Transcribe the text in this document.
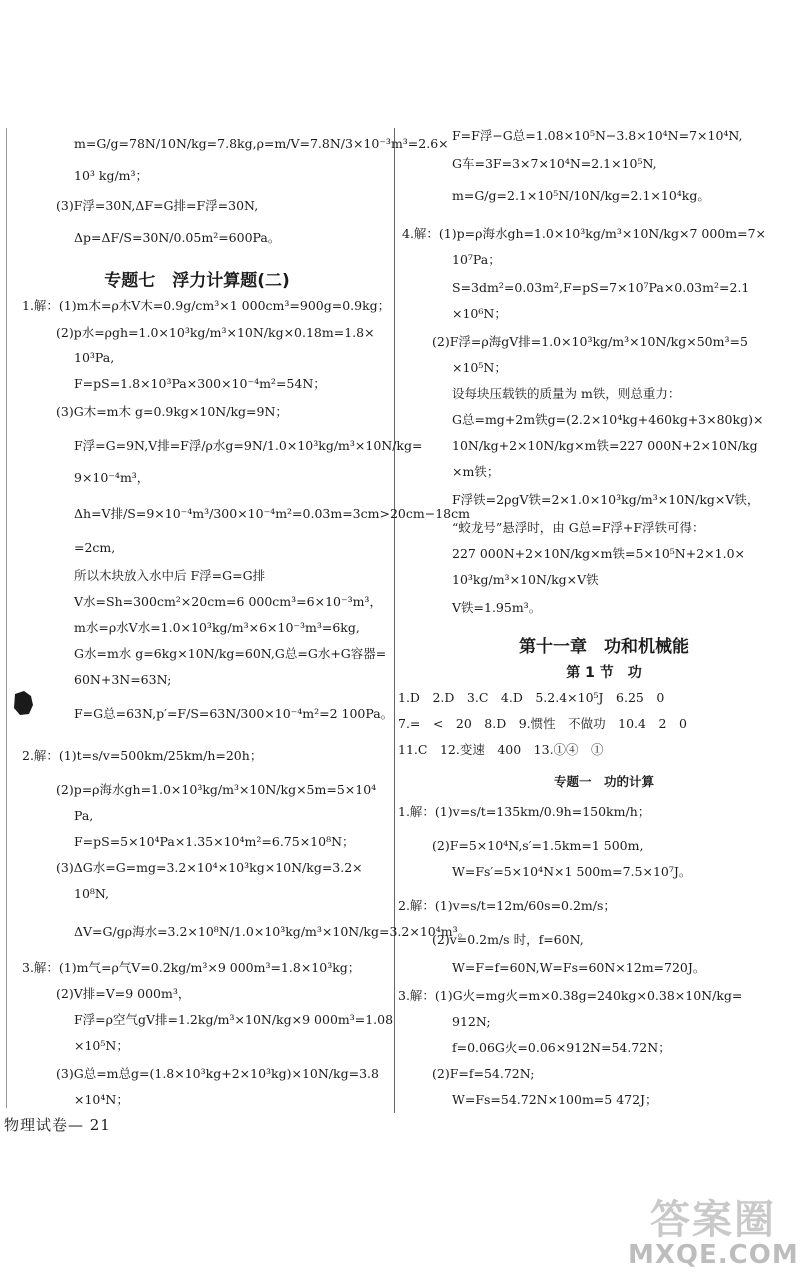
m=G/g=78N/10N/kg=7.8kg,ρ=m/V=7.8N/3×10⁻³m³=2.6×
10³ kg/m³；
(3)F浮=30N,ΔF=G排=F浮=30N,
Δp=ΔF/S=30N/0.05m²=600Pa。
专题七　浮力计算题(二)
1.解：(1)m木=ρ木V木=0.9g/cm³×1 000cm³=900g=0.9kg；
(2)p水=ρgh=1.0×10³kg/m³×10N/kg×0.18m=1.8×
10³Pa,
F=pS=1.8×10³Pa×300×10⁻⁴m²=54N；
(3)G木=m木 g=0.9kg×10N/kg=9N；
F浮=G=9N,V排=F浮/ρ水g=9N/1.0×10³kg/m³×10N/kg=
9×10⁻⁴m³，
Δh=V排/S=9×10⁻⁴m³/300×10⁻⁴m²=0.03m=3cm>20cm−18cm
=2cm,
所以木块放入水中后 F浮=G=G排
V水=Sh=300cm²×20cm=6 000cm³=6×10⁻³m³，
m水=ρ水V水=1.0×10³kg/m³×6×10⁻³m³=6kg,
G水=m水 g=6kg×10N/kg=60N,G总=G水+G容器=
60N+3N=63N;
F=G总=63N,p′=F/S=63N/300×10⁻⁴m²=2 100Pa。
2.解：(1)t=s/v=500km/25km/h=20h；
(2)p=ρ海水gh=1.0×10³kg/m³×10N/kg×5m=5×10⁴
Pa,
F=pS=5×10⁴Pa×1.35×10⁴m²=6.75×10⁸N；
(3)ΔG水=G=mg=3.2×10⁴×10³kg×10N/kg=3.2×
10⁸N,
ΔV=G/gρ海水=3.2×10⁸N/1.0×10³kg/m³×10N/kg=3.2×10⁴m³。
3.解：(1)m气=ρ气V=0.2kg/m³×9 000m³=1.8×10³kg；
(2)V排=V=9 000m³，
F浮=ρ空气gV排=1.2kg/m³×10N/kg×9 000m³=1.08
×10⁵N；
(3)G总=m总g=(1.8×10³kg+2×10³kg)×10N/kg=3.8
×10⁴N；
F=F浮−G总=1.08×10⁵N−3.8×10⁴N=7×10⁴N,
G车=3F=3×7×10⁴N=2.1×10⁵N,
m=G/g=2.1×10⁵N/10N/kg=2.1×10⁴kg。
4.解：(1)p=ρ海水gh=1.0×10³kg/m³×10N/kg×7 000m=7×
10⁷Pa；
S=3dm²=0.03m²,F=pS=7×10⁷Pa×0.03m²=2.1
×10⁶N；
(2)F浮=ρ海gV排=1.0×10³kg/m³×10N/kg×50m³=5
×10⁵N；
设每块压载铁的质量为 m铁，则总重力：
G总=mg+2m铁g=(2.2×10⁴kg+460kg+3×80kg)×
10N/kg+2×10N/kg×m铁=227 000N+2×10N/kg
×m铁；
F浮铁=2ρgV铁=2×1.0×10³kg/m³×10N/kg×V铁，
“蛟龙号”悬浮时，由 G总=F浮+F浮铁可得：
227 000N+2×10N/kg×m铁=5×10⁵N+2×1.0×
10³kg/m³×10N/kg×V铁
V铁=1.95m³。
第十一章　功和机械能
第 1 节　功
1.D　2.D　3.C　4.D　5.2.4×10⁵J　6.25　0
7.=　<　20　8.D　9.惯性　不做功　10.4　2　0
11.C　12.变速　400　13.①④　①
专题一　功的计算
1.解：(1)v=s/t=135km/0.9h=150km/h；
(2)F=5×10⁴N,s′=1.5km=1 500m,
W=Fs′=5×10⁴N×1 500m=7.5×10⁷J。
2.解：(1)v=s/t=12m/60s=0.2m/s；
(2)v=0.2m/s 时，f=60N,
W=F=f=60N,W=Fs=60N×12m=720J。
3.解：(1)G火=mg火=m×0.38g=240kg×0.38×10N/kg=
912N;
f=0.06G火=0.06×912N=54.72N；
(2)F=f=54.72N;
W=Fs=54.72N×100m=5 472J；
物理试卷— 21
答案圈
MXQE.COM
